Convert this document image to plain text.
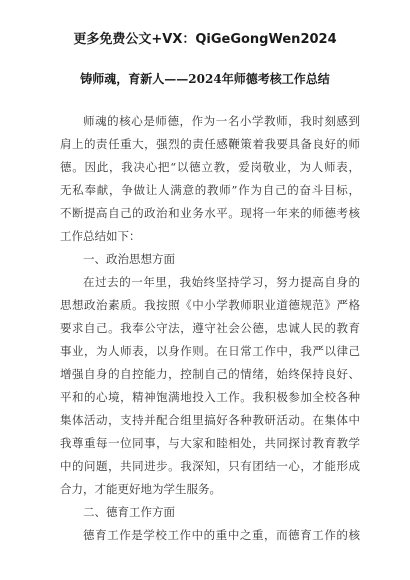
更多免费公文+VX：QiGeGongWen2024
铸师魂，育新人——2024年师德考核工作总结
师魂的核心是师德，作为一名小学教师，我时刻感到
肩上的责任重大，强烈的责任感鞭策着我要具备良好的师
德。因此，我决心把“以德立教，爱岗敬业，为人师表，
无私奉献，争做让人满意的教师”作为自己的奋斗目标，
不断提高自己的政治和业务水平。现将一年来的师德考核
工作总结如下：
一、政治思想方面
在过去的一年里，我始终坚持学习，努力提高自身的
思想政治素质。我按照《中小学教师职业道德规范》严格
要求自己。我奉公守法，遵守社会公德，忠诚人民的教育
事业，为人师表，以身作则。在日常工作中，我严以律己
增强自身的自控能力，控制自己的情绪，始终保持良好、
平和的心境，精神饱满地投入工作。我积极参加全校各种
集体活动，支持并配合组里搞好各种教研活动。在集体中
我尊重每一位同事，与大家和睦相处，共同探讨教育教学
中的问题，共同进步。我深知，只有团结一心，才能形成
合力，才能更好地为学生服务。
二、德育工作方面
德育工作是学校工作中的重中之重，而德育工作的核
